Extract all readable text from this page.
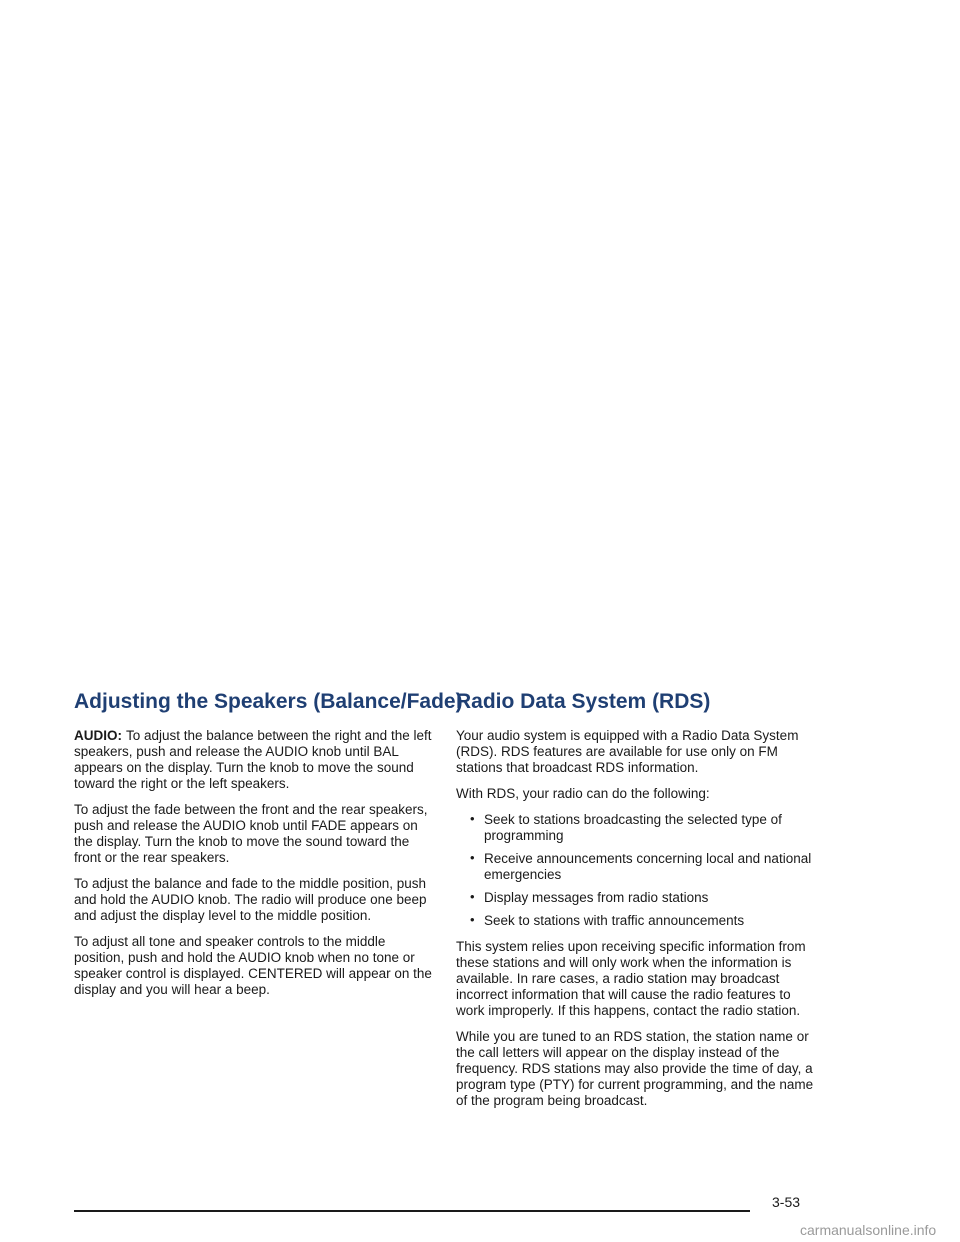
Adjusting the Speakers (Balance/Fade)

AUDIO: To adjust the balance between the right and the left speakers, push and release the AUDIO knob until BAL appears on the display. Turn the knob to move the sound toward the right or the left speakers.

To adjust the fade between the front and the rear speakers, push and release the AUDIO knob until FADE appears on the display. Turn the knob to move the sound toward the front or the rear speakers.

To adjust the balance and fade to the middle position, push and hold the AUDIO knob. The radio will produce one beep and adjust the display level to the middle position.

To adjust all tone and speaker controls to the middle position, push and hold the AUDIO knob when no tone or speaker control is displayed. CENTERED will appear on the display and you will hear a beep.

Radio Data System (RDS)

Your audio system is equipped with a Radio Data System (RDS). RDS features are available for use only on FM stations that broadcast RDS information.

With RDS, your radio can do the following:

• Seek to stations broadcasting the selected type of programming
• Receive announcements concerning local and national emergencies
• Display messages from radio stations
• Seek to stations with traffic announcements

This system relies upon receiving specific information from these stations and will only work when the information is available. In rare cases, a radio station may broadcast incorrect information that will cause the radio features to work improperly. If this happens, contact the radio station.

While you are tuned to an RDS station, the station name or the call letters will appear on the display instead of the frequency. RDS stations may also provide the time of day, a program type (PTY) for current programming, and the name of the program being broadcast.

3-53
carmanualsonline.info
